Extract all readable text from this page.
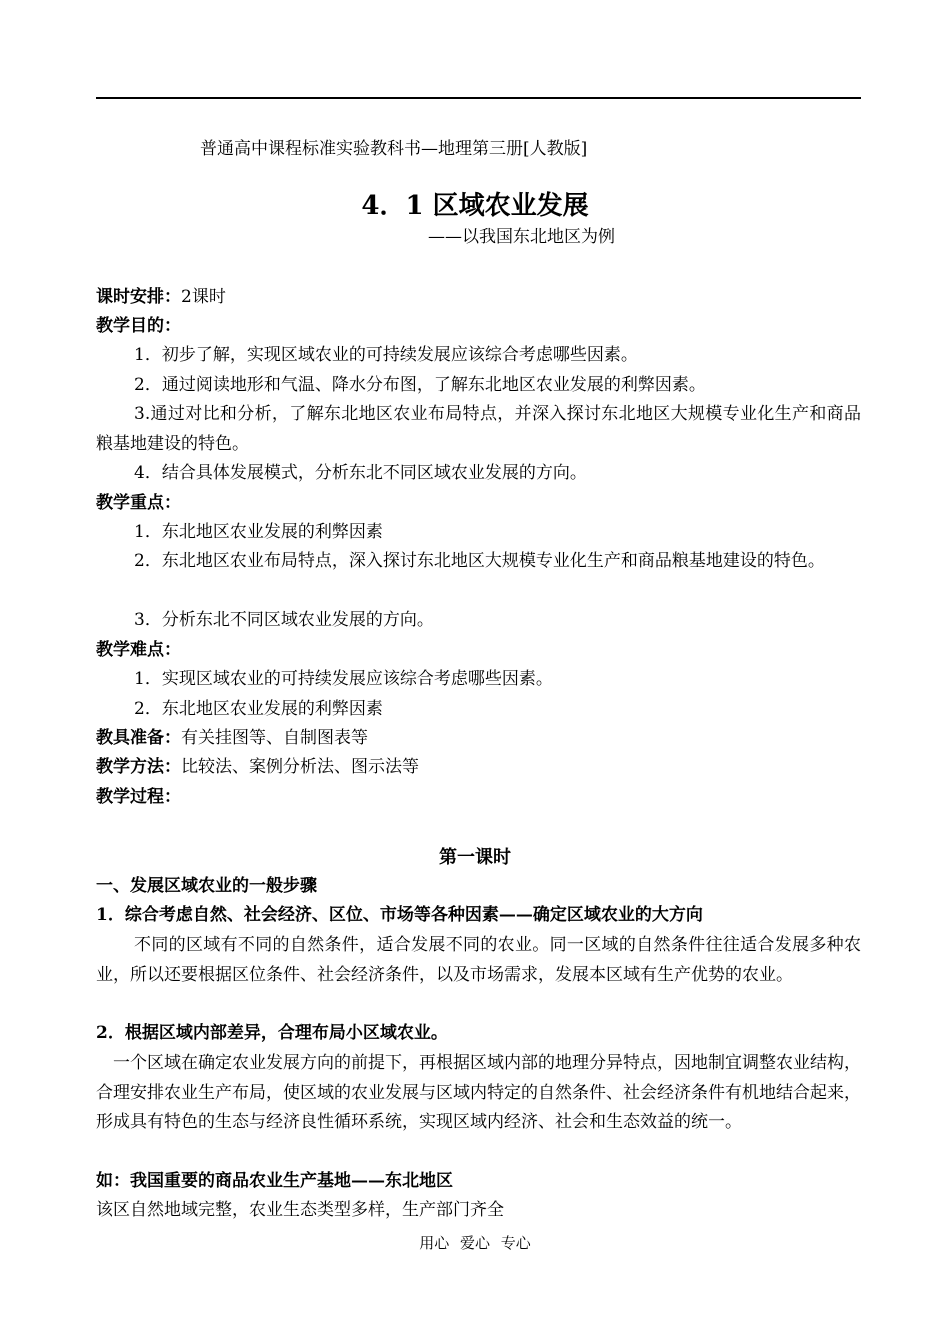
普通高中课程标准实验教科书—地理第三册[人教版]
4．1 区域农业发展
——以我国东北地区为例
课时安排：2课时
教学目的：
1．初步了解，实现区域农业的可持续发展应该综合考虑哪些因素。
2．通过阅读地形和气温、降水分布图，了解东北地区农业发展的利弊因素。
3.通过对比和分析，了解东北地区农业布局特点，并深入探讨东北地区大规模专业化生产和商品粮基地建设的特色。
4．结合具体发展模式，分析东北不同区域农业发展的方向。
教学重点：
1．东北地区农业发展的利弊因素
2．东北地区农业布局特点，深入探讨东北地区大规模专业化生产和商品粮基地建设的特色。
3．分析东北不同区域农业发展的方向。
教学难点：
1．实现区域农业的可持续发展应该综合考虑哪些因素。
2．东北地区农业发展的利弊因素
教具准备：有关挂图等、自制图表等
教学方法：比较法、案例分析法、图示法等
教学过程：
第一课时
一、发展区域农业的一般步骤
1．综合考虑自然、社会经济、区位、市场等各种因素——确定区域农业的大方向
不同的区域有不同的自然条件，适合发展不同的农业。同一区域的自然条件往往适合发展多种农业，所以还要根据区位条件、社会经济条件，以及市场需求，发展本区域有生产优势的农业。
2．根据区域内部差异，合理布局小区域农业。
一个区域在确定农业发展方向的前提下，再根据区域内部的地理分异特点，因地制宜调整农业结构，合理安排农业生产布局，使区域的农业发展与区域内特定的自然条件、社会经济条件有机地结合起来，形成具有特色的生态与经济良性循环系统，实现区域内经济、社会和生态效益的统一。
如：我国重要的商品农业生产基地——东北地区
该区自然地域完整，农业生态类型多样，生产部门齐全
用心 爱心 专心
